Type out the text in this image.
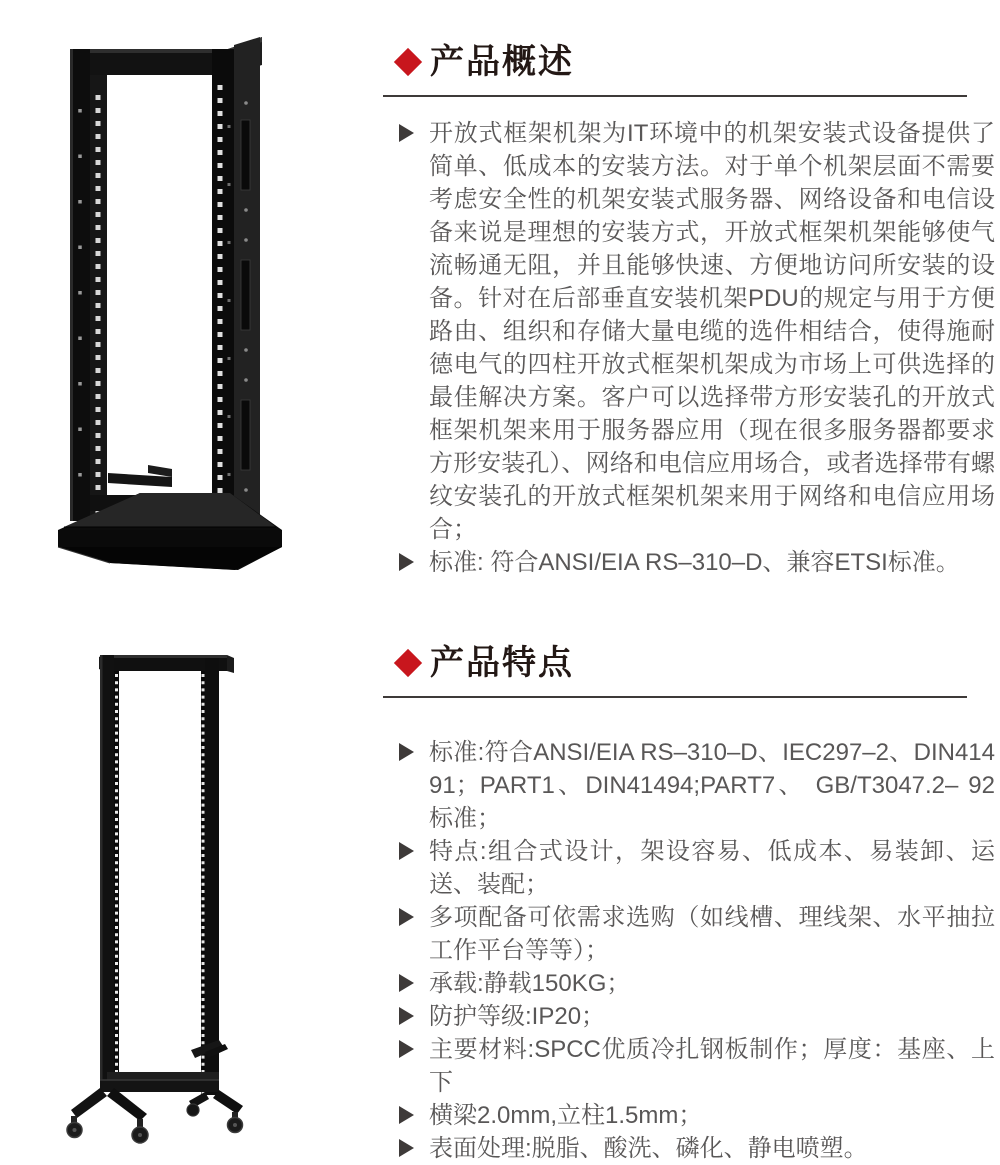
产品概述
开放式框架机架为IT环境中的机架安装式设备提供了简单、低成本的安装方法。对于单个机架层面不需要考虑安全性的机架安装式服务器、网络设备和电信设备来说是理想的安装方式，开放式框架机架能够使气流畅通无阻，并且能够快速、方便地访问所安装的设备。针对在后部垂直安装机架PDU的规定与用于方便路由、组织和存储大量电缆的选件相结合，使得施耐德电气的四柱开放式框架机架成为市场上可供选择的最佳解决方案。客户可以选择带方形安装孔的开放式框架机架来用于服务器应用（现在很多服务器都要求方形安装孔）、网络和电信应用场合，或者选择带有螺纹安装孔的开放式框架机架来用于网络和电信应用场合；
标准: 符合ANSI/EIA RS–310–D、兼容ETSI标准。
产品特点
标准:符合ANSI/EIA RS–310–D、IEC297–2、DIN41491；PART1、DIN41494;PART7、 GB/T3047.2– 92标准；
特点:组合式设计，架设容易、低成本、易装卸、运送、装配；
多项配备可依需求选购（如线槽、理线架、水平抽拉工作平台等等）；
承载:静载150KG；
防护等级:IP20；
主要材料:SPCC优质冷扎钢板制作；厚度：基座、上下
横梁2.0mm,立柱1.5mm；
表面处理:脱脂、酸洗、磷化、静电喷塑。
